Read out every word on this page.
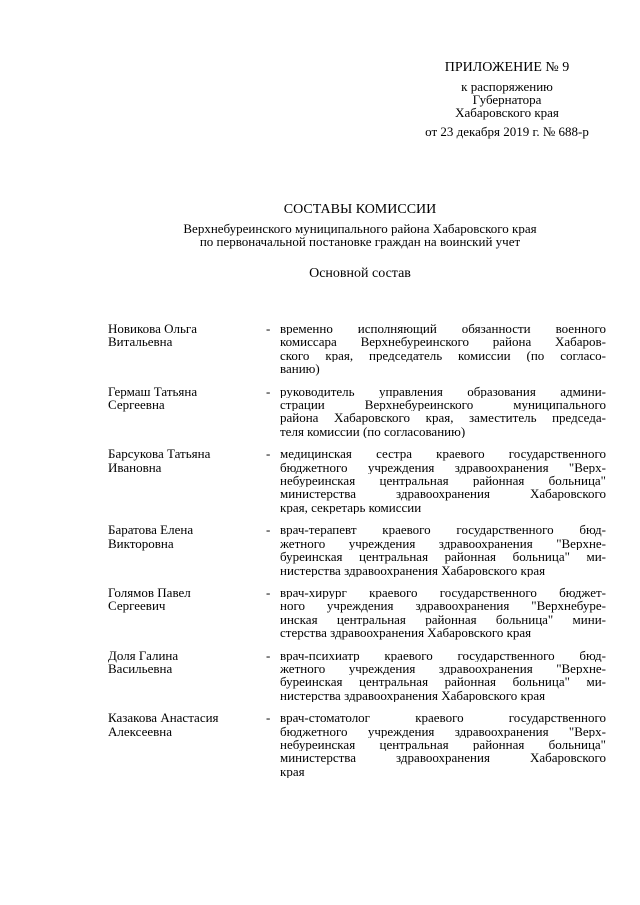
ПРИЛОЖЕНИЕ № 9
к распоряжению
Губернатора
Хабаровского края
от 23 декабря 2019 г. № 688-р
СОСТАВЫ КОМИССИИ
Верхнебуреинского муниципального района Хабаровского края
по первоначальной постановке граждан на воинский учет
Основной состав
Новикова Ольга
Витальевна
- временно исполняющий обязанности военного
комиссара Верхнебуреинского района Хабаров-
ского края, председатель комиссии (по согласо-
ванию)
Гермаш Татьяна
Сергеевна
- руководитель управления образования админи-
страции Верхнебуреинского муниципального
района Хабаровского края, заместитель председа-
теля комиссии (по согласованию)
Барсукова Татьяна
Ивановна
- медицинская сестра краевого государственного
бюджетного учреждения здравоохранения "Верх-
небуреинская центральная районная больница"
министерства здравоохранения Хабаровского
края, секретарь комиссии
Баратова Елена
Викторовна
- врач-терапевт краевого государственного бюд-
жетного учреждения здравоохранения "Верхне-
буреинская центральная районная больница" ми-
нистерства здравоохранения Хабаровского края
Голямов Павел
Сергеевич
- врач-хирург краевого государственного бюджет-
ного учреждения здравоохранения "Верхнебуре-
инская центральная районная больница" мини-
стерства здравоохранения Хабаровского края
Доля Галина
Васильевна
- врач-психиатр краевого государственного бюд-
жетного учреждения здравоохранения "Верхне-
буреинская центральная районная больница" ми-
нистерства здравоохранения Хабаровского края
Казакова Анастасия
Алексеевна
- врач-стоматолог краевого государственного
бюджетного учреждения здравоохранения "Верх-
небуреинская центральная районная больница"
министерства здравоохранения Хабаровского
края
